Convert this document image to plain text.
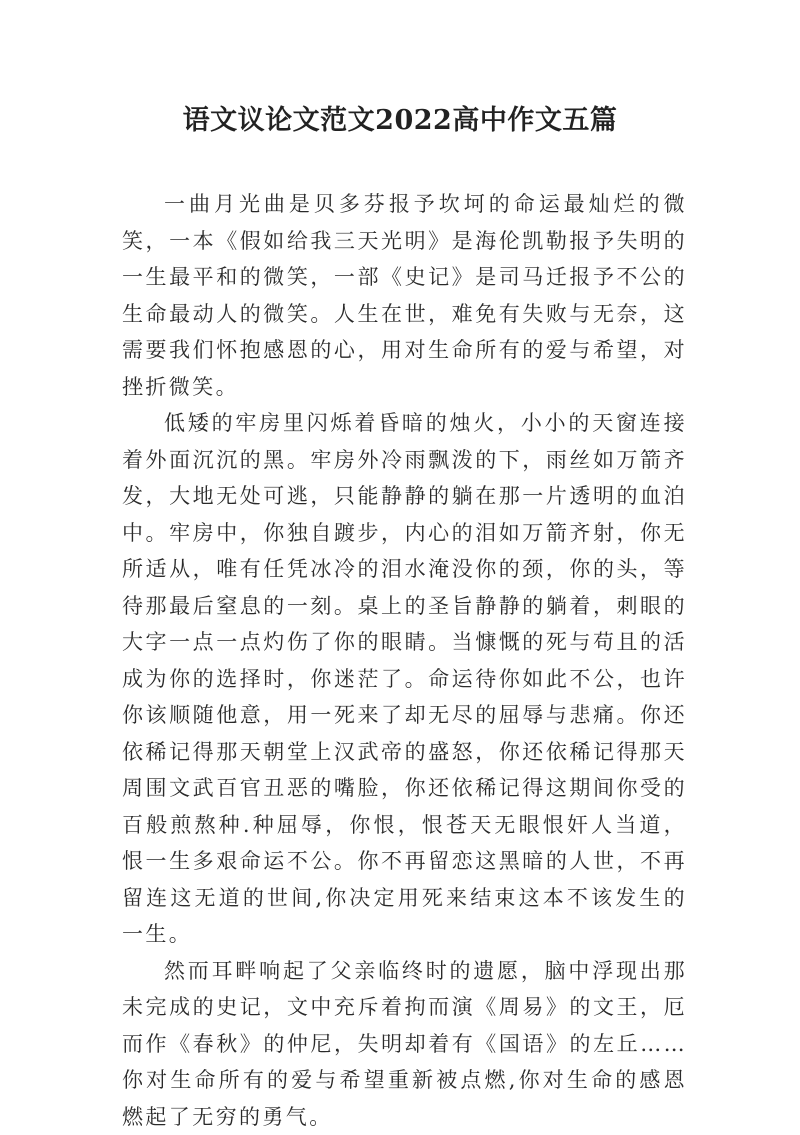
语文议论文范文2022高中作文五篇

一曲月光曲是贝多芬报予坎坷的命运最灿烂的微笑，一本《假如给我三天光明》是海伦凯勒报予失明的一生最平和的微笑，一部《史记》是司马迁报予不公的生命最动人的微笑。人生在世，难免有失败与无奈，这需要我们怀抱感恩的心，用对生命所有的爱与希望，对挫折微笑。

低矮的牢房里闪烁着昏暗的烛火，小小的天窗连接着外面沉沉的黑。牢房外冷雨飘泼的下，雨丝如万箭齐发，大地无处可逃，只能静静的躺在那一片透明的血泊中。牢房中，你独自踱步，内心的泪如万箭齐射，你无所适从，唯有任凭冰冷的泪水淹没你的颈，你的头，等待那最后窒息的一刻。桌上的圣旨静静的躺着，刺眼的大字一点一点灼伤了你的眼睛。当慷慨的死与苟且的活成为你的选择时，你迷茫了。命运待你如此不公，也许你该顺随他意，用一死来了却无尽的屈辱与悲痛。你还依稀记得那天朝堂上汉武帝的盛怒，你还依稀记得那天周围文武百官丑恶的嘴脸，你还依稀记得这期间你受的百般煎熬种.种屈辱，你恨，恨苍天无眼恨奸人当道，恨一生多艰命运不公。你不再留恋这黑暗的人世，不再留连这无道的世间,你决定用死来结束这本不该发生的一生。

然而耳畔响起了父亲临终时的遗愿，脑中浮现出那未完成的史记，文中充斥着拘而演《周易》的文王，厄而作《春秋》的仲尼，失明却着有《国语》的左丘……你对生命所有的爱与希望重新被点燃,你对生命的感恩燃起了无穷的勇气。
